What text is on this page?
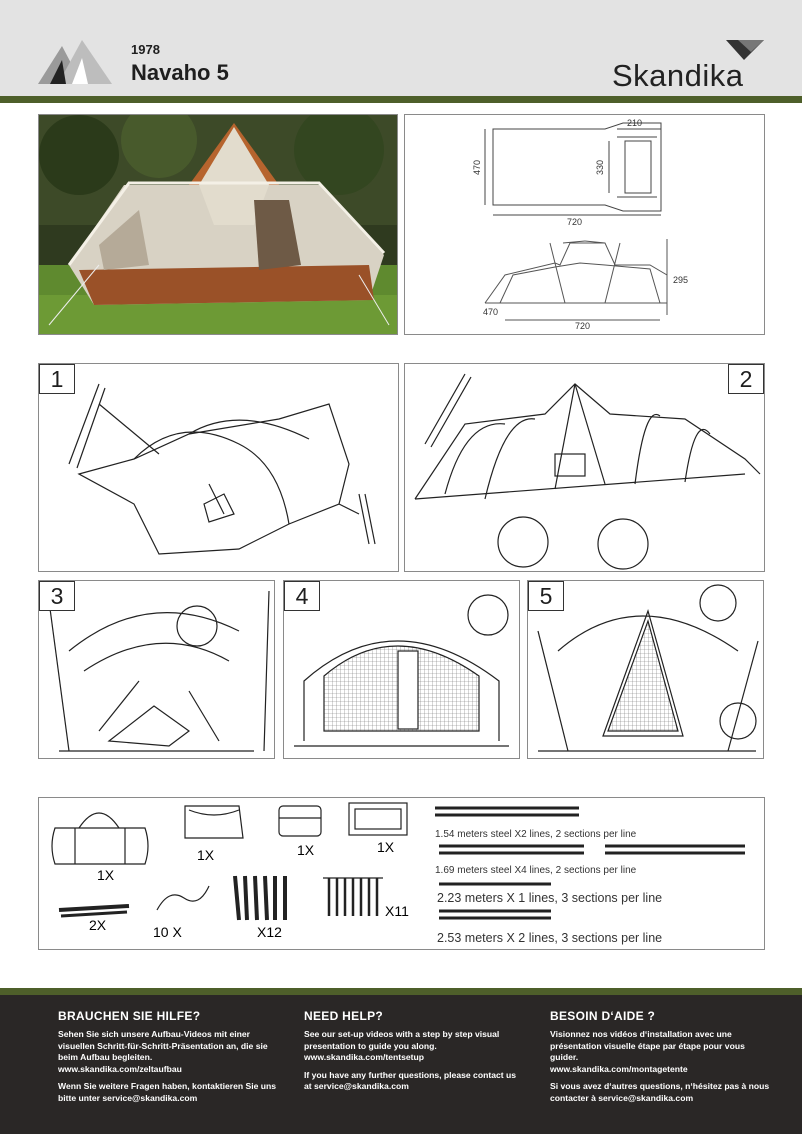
1978
Navaho 5	Skandika
210
470	330
720
295
470
720
1	2
3	4	5
1X
1X	1X	1X
2X	10 X	X12
X11
1.54 meters steel X2 lines, 2 sections per line
1.69 meters steel X4 lines, 2 sections per line
2.23 meters X 1 lines, 3 sections per line
2.53 meters X 2 lines, 3 sections per line
BRAUCHEN SIE HILFE?

Sehen Sie sich unsere Aufbau-Videos mit einer visuellen Schritt-für-Schritt-Präsentation an, die sie beim Aufbau begleiten.
www.skandika.com/zeltaufbau

Wenn Sie weitere Fragen haben, kontaktieren Sie uns bitte unter service@skandika.com

NEED HELP?

See our set-up videos with a step by step visual presentation to guide you along.
www.skandika.com/tentsetup

If you have any further questions, please contact us at service@skandika.com

BESOIN D‘AIDE ?

Visionnez nos vidéos d‘installation avec une présentation visuelle étape par étape pour vous guider.
www.skandika.com/montagetente

Si vous avez d‘autres questions, n‘hésitez pas à nous contacter à service@skandika.com
